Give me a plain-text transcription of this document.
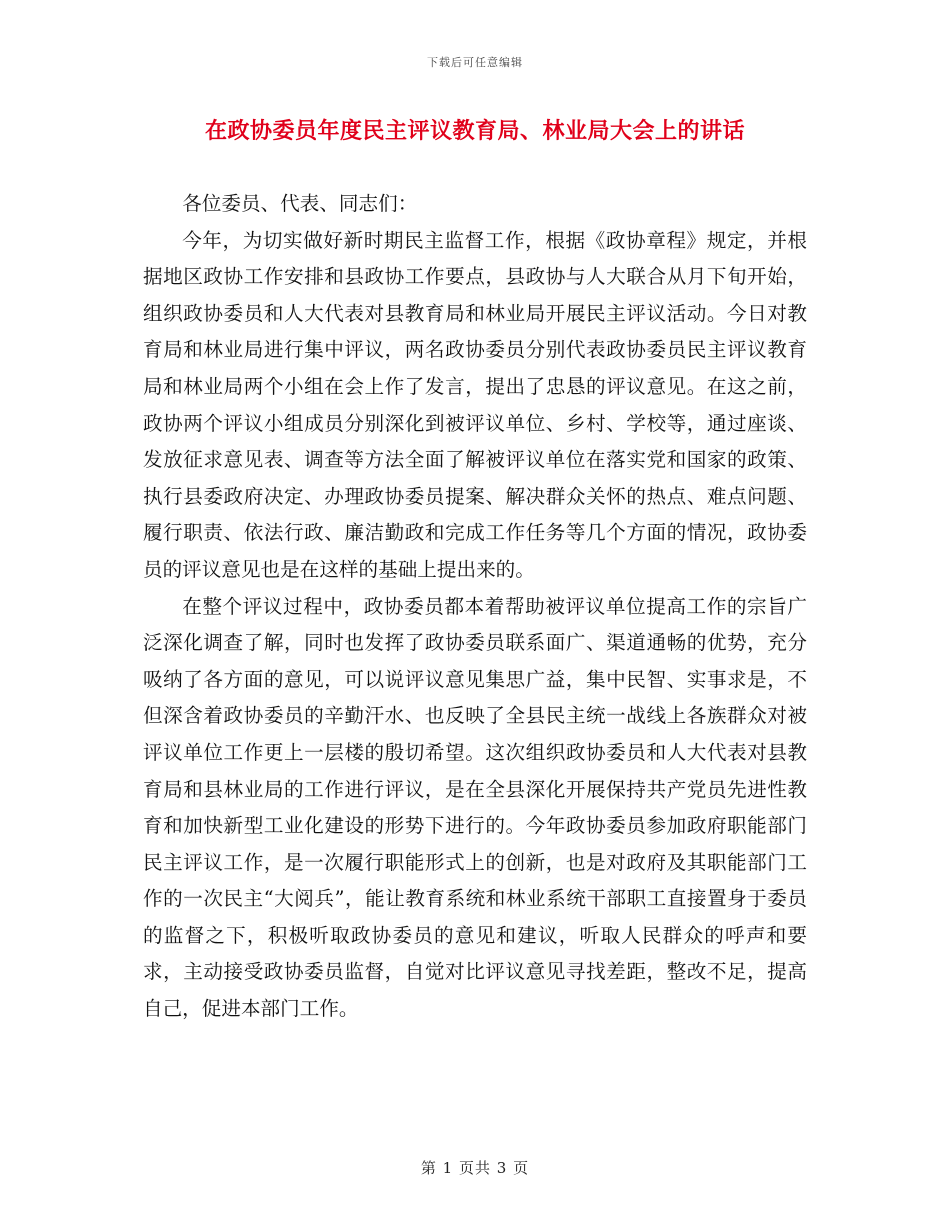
下载后可任意编辑
在政协委员年度民主评议教育局、林业局大会上的讲话

各位委员、代表、同志们：

今年，为切实做好新时期民主监督工作，根据《政协章程》规定，并根据地区政协工作安排和县政协工作要点，县政协与人大联合从月下旬开始，组织政协委员和人大代表对县教育局和林业局开展民主评议活动。今日对教育局和林业局进行集中评议，两名政协委员分别代表政协委员民主评议教育局和林业局两个小组在会上作了发言，提出了忠恳的评议意见。在这之前，政协两个评议小组成员分别深化到被评议单位、乡村、学校等，通过座谈、发放征求意见表、调查等方法全面了解被评议单位在落实党和国家的政策、执行县委政府决定、办理政协委员提案、解决群众关怀的热点、难点问题、履行职责、依法行政、廉洁勤政和完成工作任务等几个方面的情况，政协委员的评议意见也是在这样的基础上提出来的。

在整个评议过程中，政协委员都本着帮助被评议单位提高工作的宗旨广泛深化调查了解，同时也发挥了政协委员联系面广、渠道通畅的优势，充分吸纳了各方面的意见，可以说评议意见集思广益，集中民智、实事求是，不但深含着政协委员的辛勤汗水、也反映了全县民主统一战线上各族群众对被评议单位工作更上一层楼的殷切希望。这次组织政协委员和人大代表对县教育局和县林业局的工作进行评议，是在全县深化开展保持共产党员先进性教育和加快新型工业化建设的形势下进行的。今年政协委员参加政府职能部门民主评议工作，是一次履行职能形式上的创新，也是对政府及其职能部门工作的一次民主“大阅兵”，能让教育系统和林业系统干部职工直接置身于委员的监督之下，积极听取政协委员的意见和建议，听取人民群众的呼声和要求，主动接受政协委员监督，自觉对比评议意见寻找差距，整改不足，提高自己，促进本部门工作。

第 1 页共 3 页
